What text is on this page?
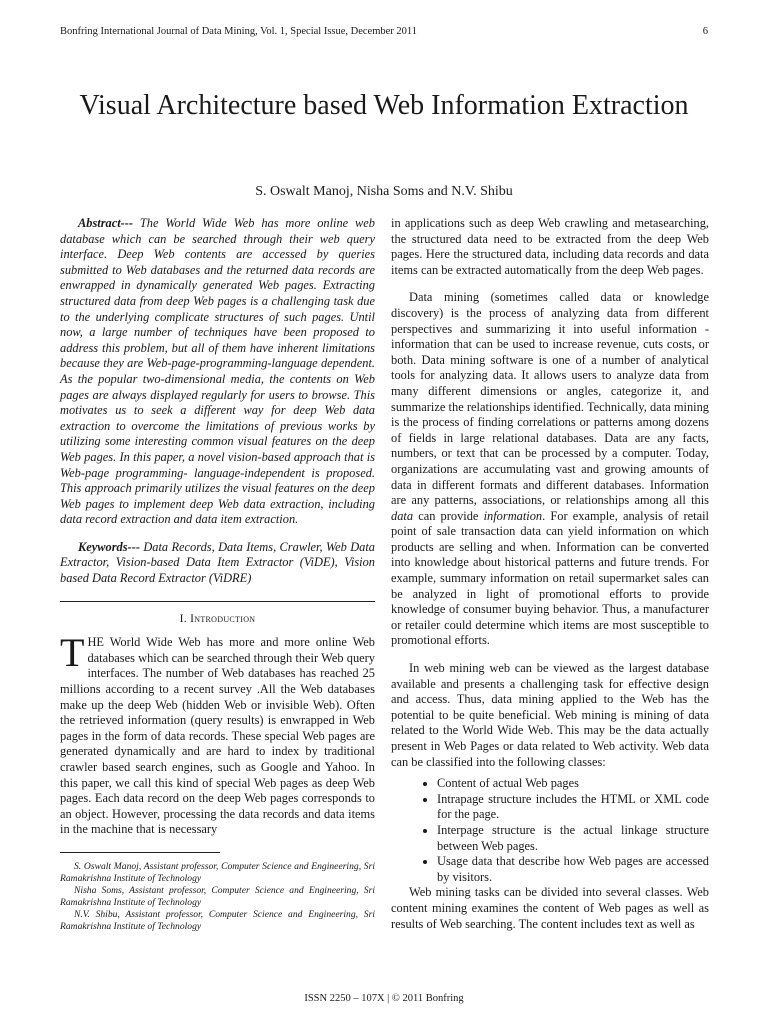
Bonfring International Journal of Data Mining, Vol. 1, Special Issue, December 2011	6
Visual Architecture based Web Information Extraction
S. Oswalt Manoj, Nisha Soms and N.V. Shibu

Abstract--- The World Wide Web has more online web database which can be searched through their web query interface. Deep Web contents are accessed by queries submitted to Web databases and the returned data records are enwrapped in dynamically generated Web pages. Extracting structured data from deep Web pages is a challenging task due to the underlying complicate structures of such pages. Until now, a large number of techniques have been proposed to address this problem, but all of them have inherent limitations because they are Web-page-programming-language dependent. As the popular two-dimensional media, the contents on Web pages are always displayed regularly for users to browse. This motivates us to seek a different way for deep Web data extraction to overcome the limitations of previous works by utilizing some interesting common visual features on the deep Web pages. In this paper, a novel vision-based approach that is Web-page programming- language-independent is proposed. This approach primarily utilizes the visual features on the deep Web pages to implement deep Web data extraction, including data record extraction and data item extraction.

Keywords--- Data Records, Data Items, Crawler, Web Data Extractor, Vision-based Data Item Extractor (ViDE), Vision based Data Record Extractor (ViDRE)

I. Introduction

THE World Wide Web has more and more online Web databases which can be searched through their Web query interfaces. The number of Web databases has reached 25 millions according to a recent survey .All the Web databases make up the deep Web (hidden Web or invisible Web). Often the retrieved information (query results) is enwrapped in Web pages in the form of data records. These special Web pages are generated dynamically and are hard to index by traditional crawler based search engines, such as Google and Yahoo. In this paper, we call this kind of special Web pages as deep Web pages. Each data record on the deep Web pages corresponds to an object. However, processing the data records and data items in the machine that is necessary

S. Oswalt Manoj, Assistant professor, Computer Science and Engineering, Sri Ramakrishna Institute of Technology

Nisha Soms, Assistant professor, Computer Science and Engineering, Sri Ramakrishna Institute of Technology

N.V. Shibu, Assistant professor, Computer Science and Engineering, Sri Ramakrishna Institute of Technology

in applications such as deep Web crawling and metasearching, the structured data need to be extracted from the deep Web pages. Here the structured data, including data records and data items can be extracted automatically from the deep Web pages.

Data mining (sometimes called data or knowledge discovery) is the process of analyzing data from different perspectives and summarizing it into useful information - information that can be used to increase revenue, cuts costs, or both. Data mining software is one of a number of analytical tools for analyzing data. It allows users to analyze data from many different dimensions or angles, categorize it, and summarize the relationships identified. Technically, data mining is the process of finding correlations or patterns among dozens of fields in large relational databases. Data are any facts, numbers, or text that can be processed by a computer. Today, organizations are accumulating vast and growing amounts of data in different formats and different databases. Information are any patterns, associations, or relationships among all this data can provide information. For example, analysis of retail point of sale transaction data can yield information on which products are selling and when. Information can be converted into knowledge about historical patterns and future trends. For example, summary information on retail supermarket sales can be analyzed in light of promotional efforts to provide knowledge of consumer buying behavior. Thus, a manufacturer or retailer could determine which items are most susceptible to promotional efforts.

In web mining web can be viewed as the largest database available and presents a challenging task for effective design and access. Thus, data mining applied to the Web has the potential to be quite beneficial. Web mining is mining of data related to the World Wide Web. This may be the data actually present in Web Pages or data related to Web activity. Web data can be classified into the following classes:

• Content of actual Web pages
• Intrapage structure includes the HTML or XML code for the page.
• Interpage structure is the actual linkage structure between Web pages.
• Usage data that describe how Web pages are accessed by visitors.

Web mining tasks can be divided into several classes. Web content mining examines the content of Web pages as well as results of Web searching. The content includes text as well as

ISSN 2250 – 107X | © 2011 Bonfring
